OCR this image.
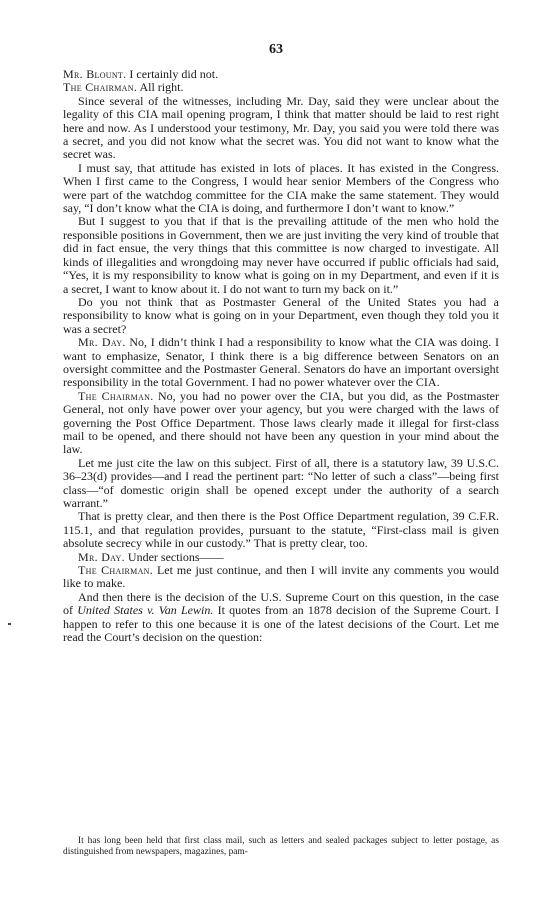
63

Mr. Blount. I certainly did not.

The Chairman. All right.

Since several of the witnesses, including Mr. Day, said they were unclear about the legality of this CIA mail opening program, I think that matter should be laid to rest right here and now. As I understood your testimony, Mr. Day, you said you were told there was a secret, and you did not know what the secret was. You did not want to know what the secret was.

I must say, that attitude has existed in lots of places. It has existed in the Congress. When I first came to the Congress, I would hear senior Members of the Congress who were part of the watchdog committee for the CIA make the same statement. They would say, “I don’t know what the CIA is doing, and furthermore I don’t want to know.”

But I suggest to you that if that is the prevailing attitude of the men who hold the responsible positions in Government, then we are just inviting the very kind of trouble that did in fact ensue, the very things that this committee is now charged to investigate. All kinds of illegalities and wrongdoing may never have occurred if public officials had said, “Yes, it is my responsibility to know what is going on in my Department, and even if it is a secret, I want to know about it. I do not want to turn my back on it.”

Do you not think that as Postmaster General of the United States you had a responsibility to know what is going on in your Department, even though they told you it was a secret?

Mr. Day. No, I didn’t think I had a responsibility to know what the CIA was doing. I want to emphasize, Senator, I think there is a big difference between Senators on an oversight committee and the Postmaster General. Senators do have an important oversight responsibility in the total Government. I had no power whatever over the CIA.

The Chairman. No, you had no power over the CIA, but you did, as the Postmaster General, not only have power over your agency, but you were charged with the laws of governing the Post Office Department. Those laws clearly made it illegal for first-class mail to be opened, and there should not have been any question in your mind about the law.

Let me just cite the law on this subject. First of all, there is a statutory law, 39 U.S.C. 36–23(d) provides—and I read the pertinent part: “No letter of such a class”—being first class—“of domestic origin shall be opened except under the authority of a search warrant.”

That is pretty clear, and then there is the Post Office Department regulation, 39 C.F.R. 115.1, and that regulation provides, pursuant to the statute, “First-class mail is given absolute secrecy while in our custody.” That is pretty clear, too.

Mr. Day. Under sections——

The Chairman. Let me just continue, and then I will invite any comments you would like to make.

And then there is the decision of the U.S. Supreme Court on this question, in the case of United States v. Van Lewin. It quotes from an 1878 decision of the Supreme Court. I happen to refer to this one because it is one of the latest decisions of the Court. Let me read the Court’s decision on the question:

It has long been held that first class mail, such as letters and sealed packages subject to letter postage, as distinguished from newspapers, magazines, pam-
